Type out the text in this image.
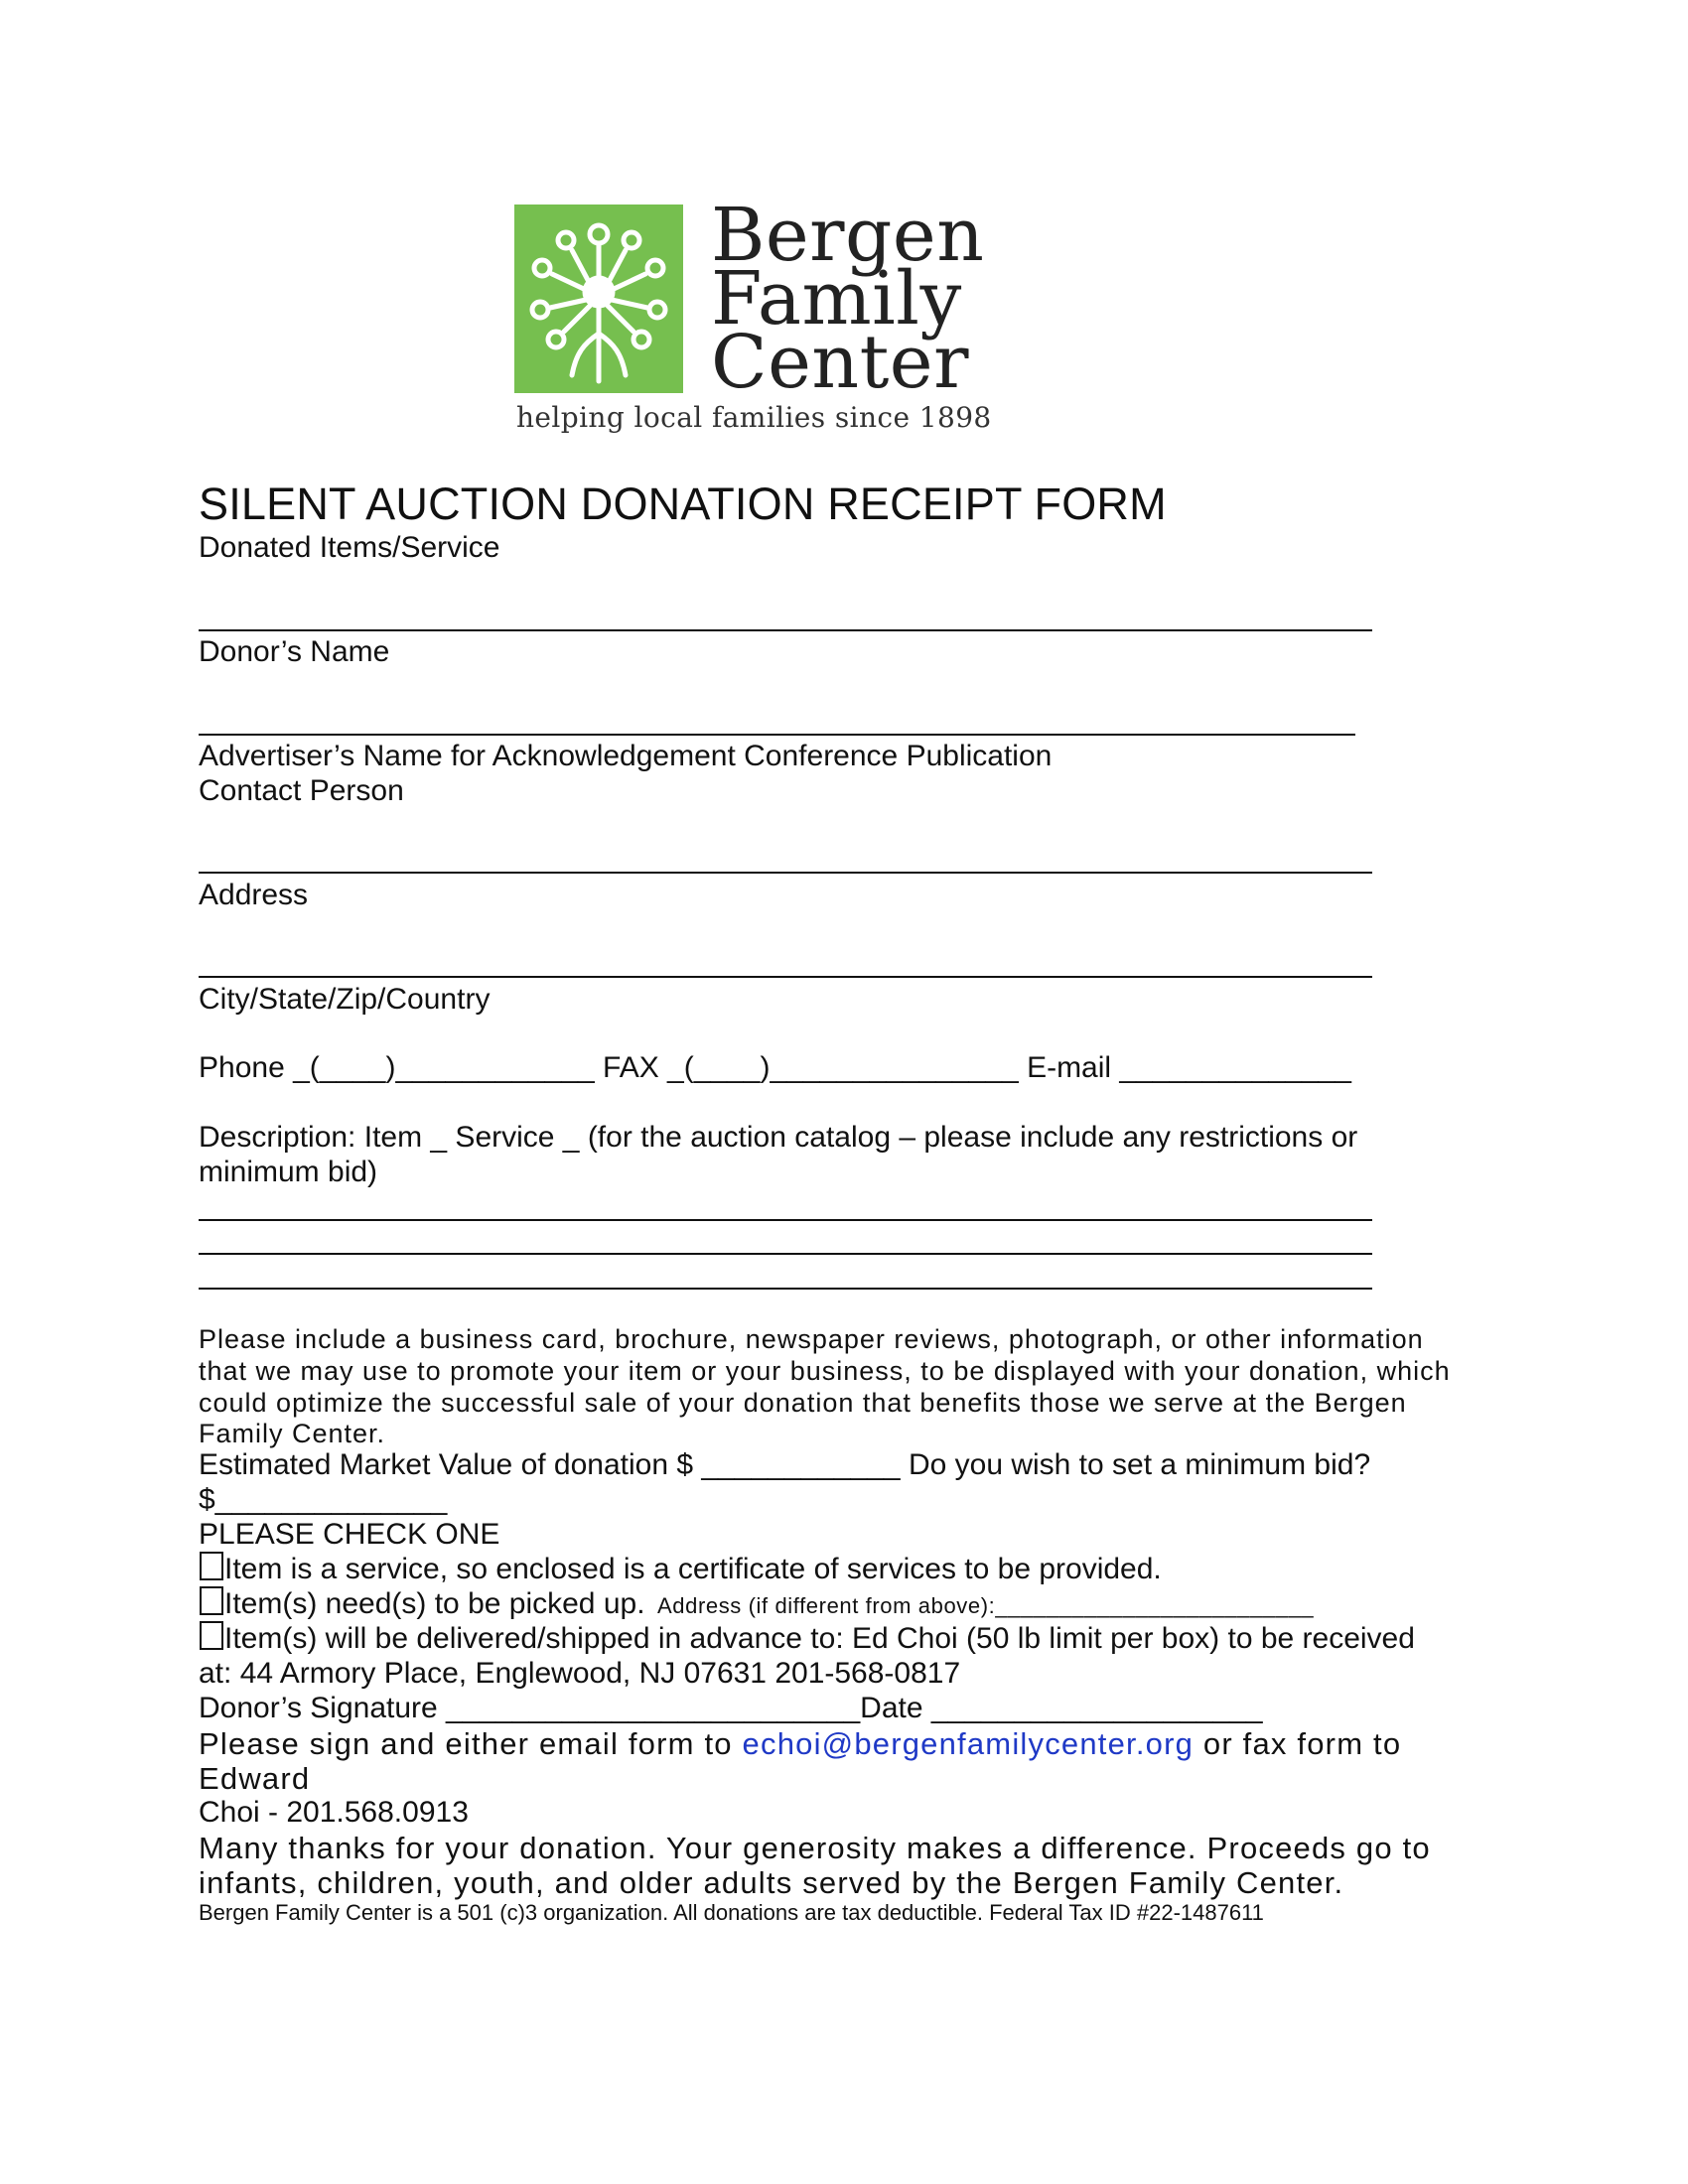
Bergen
Family
Center
helping local families since 1898
SILENT AUCTION DONATION RECEIPT FORM
Donated Items/Service
Donor’s Name
Advertiser’s Name for Acknowledgement Conference Publication
Contact Person
Address
City/State/Zip/Country
Phone _(____)____________ FAX _(____)_______________ E-mail ______________
Description: Item _ Service _ (for the auction catalog – please include any restrictions or
minimum bid)
Please include a business card, brochure, newspaper reviews, photograph, or other information
that we may use to promote your item or your business, to be displayed with your donation, which
could optimize the successful sale of your donation that benefits those we serve at the Bergen
Family Center.
Estimated Market Value of donation $ ____________ Do you wish to set a minimum bid?
$______________
PLEASE CHECK ONE
Item is a service, so enclosed is a certificate of services to be provided.
Item(s) need(s) to be picked up. Address (if different from above):_________________________
Item(s) will be delivered/shipped in advance to: Ed Choi (50 lb limit per box) to be received
at: 44 Armory Place, Englewood, NJ 07631 201-568-0817
Donor’s Signature _________________________Date ____________________
Please sign and either email form to echoi@bergenfamilycenter.org or fax form to
Edward
Choi - 201.568.0913
Many thanks for your donation. Your generosity makes a difference. Proceeds go to
infants, children, youth, and older adults served by the Bergen Family Center.
Bergen Family Center is a 501 (c)3 organization. All donations are tax deductible. Federal Tax ID #22-1487611
